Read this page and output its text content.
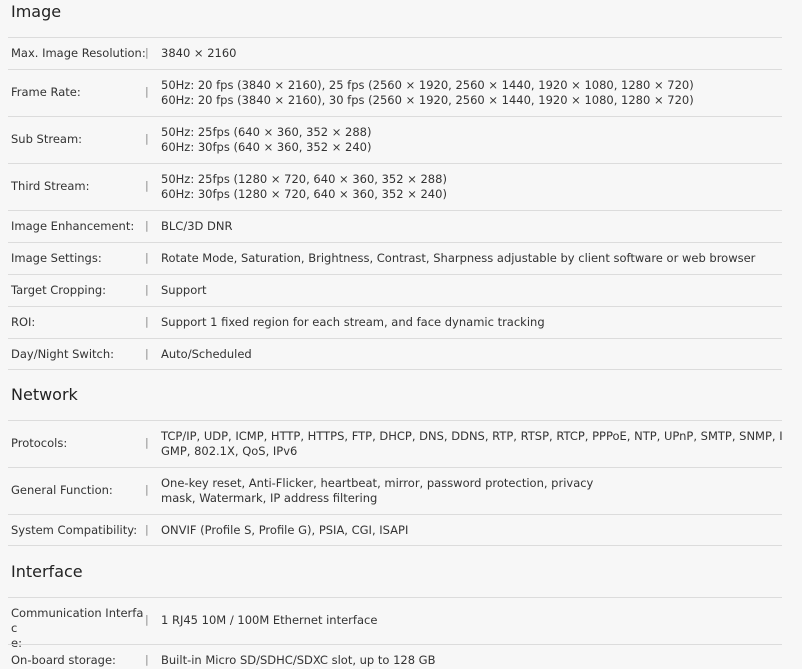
Image
Max. Image Resolution: | 3840 × 2160
Frame Rate:	| 50Hz: 20 fps (3840 × 2160), 25 fps (2560 × 1920, 2560 × 1440, 1920 × 1080, 1280 × 720)
60Hz: 20 fps (3840 × 2160), 30 fps (2560 × 1920, 2560 × 1440, 1920 × 1080, 1280 × 720)
Sub Stream:	| 50Hz: 25fps (640 × 360, 352 × 288)
60Hz: 30fps (640 × 360, 352 × 240)
Third Stream:	| 50Hz: 25fps (1280 × 720, 640 × 360, 352 × 288)
60Hz: 30fps (1280 × 720, 640 × 360, 352 × 240)
Image Enhancement: | BLC/3D DNR
Image Settings:	| Rotate Mode, Saturation, Brightness, Contrast, Sharpness adjustable by client software or web browser
Target Cropping:	| Support
ROI:	| Support 1 fixed region for each stream, and face dynamic tracking
Day/Night Switch:	| Auto/Scheduled
Network
Protocols:	| TCP/IP, UDP, ICMP, HTTP, HTTPS, FTP, DHCP, DNS, DDNS, RTP, RTSP, RTCP, PPPoE, NTP, UPnP, SMTP, SNMP, I
GMP, 802.1X, QoS, IPv6
General Function:	| One-key reset, Anti-Flicker, heartbeat, mirror, password protection, privacy
mask, Watermark, IP address filtering
System Compatibility: | ONVIF (Profile S, Profile G), PSIA, CGI, ISAPI
Interface
Communication Interfac
e:
| 1 RJ45 10M / 100M Ethernet interface
On-board storage:	| Built-in Micro SD/SDHC/SDXC slot, up to 128 GB
